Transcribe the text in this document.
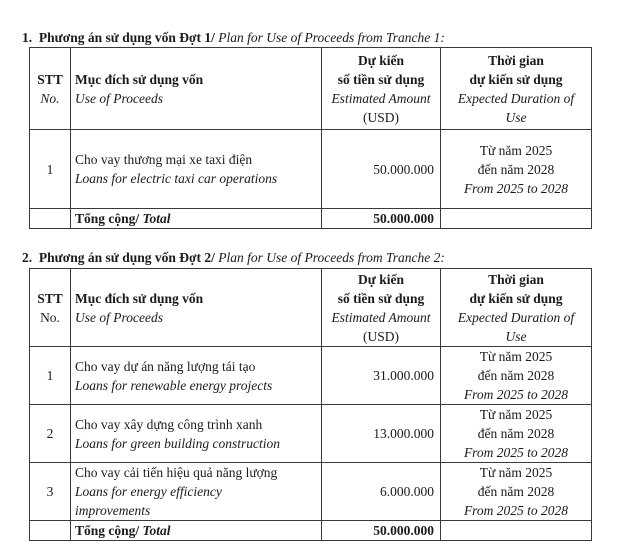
1. Phương án sử dụng vốn Đợt 1/ Plan for Use of Proceeds from Tranche 1:
STT
No.	Mục đích sử dụng vốn
Use of Proceeds	Dự kiến
số tiền sử dụng
Estimated Amount
(USD)	Thời gian
dự kiến sử dụng
Expected Duration of
Use

1	Cho vay thương mại xe taxi điện
Loans for electric taxi car operations	50.000.000	Từ năm 2025
đến năm 2028
From 2025 to 2028

	Tổng cộng/ Total	50.000.000	
2. Phương án sử dụng vốn Đợt 2/ Plan for Use of Proceeds from Tranche 2:
STT
No.	Mục đích sử dụng vốn
Use of Proceeds	Dự kiến
số tiền sử dụng
Estimated Amount
(USD)	Thời gian
dự kiến sử dụng
Expected Duration of
Use

1	Cho vay dự án năng lượng tái tạo
Loans for renewable energy projects	31.000.000	Từ năm 2025
đến năm 2028
From 2025 to 2028

2	Cho vay xây dựng công trình xanh
Loans for green building construction	13.000.000	Từ năm 2025
đến năm 2028
From 2025 to 2028

3	Cho vay cải tiến hiệu quả năng lượng
Loans for energy efficiency
improvements	6.000.000	Từ năm 2025
đến năm 2028
From 2025 to 2028

	Tổng cộng/ Total	50.000.000	
